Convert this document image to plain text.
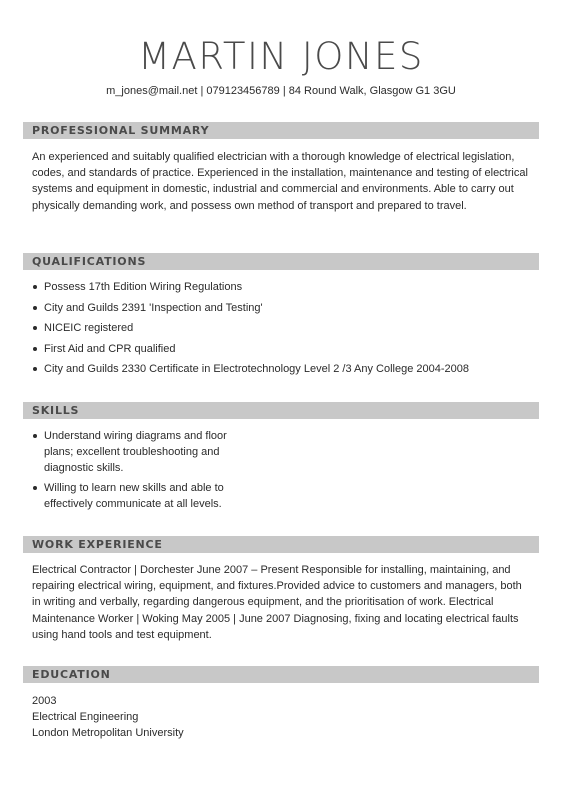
MARTIN JONES
m_jones@mail.net | 079123456789 | 84 Round Walk, Glasgow G1 3GU
PROFESSIONAL SUMMARY
An experienced and suitably qualified electrician with a thorough knowledge of electrical legislation, codes, and standards of practice. Experienced in the installation, maintenance and testing of electrical systems and equipment in domestic, industrial and commercial and environments. Able to carry out physically demanding work, and possess own method of transport and prepared to travel.
QUALIFICATIONS
Possess 17th Edition Wiring Regulations
City and Guilds 2391 'Inspection and Testing'
NICEIC registered
First Aid and CPR qualified
City and Guilds 2330 Certificate in Electrotechnology Level 2 /3 Any College 2004-2008
SKILLS
Understand wiring diagrams and floor plans; excellent troubleshooting and diagnostic skills.
Willing to learn new skills and able to effectively communicate at all levels.
WORK EXPERIENCE
Electrical Contractor | Dorchester June 2007 – Present Responsible for installing, maintaining, and repairing electrical wiring, equipment, and fixtures.Provided advice to customers and managers, both in writing and verbally, regarding dangerous equipment, and the prioritisation of work. Electrical Maintenance Worker | Woking May 2005 | June 2007 Diagnosing, fixing and locating electrical faults using hand tools and test equipment.
EDUCATION
2003
Electrical Engineering
London Metropolitan University
